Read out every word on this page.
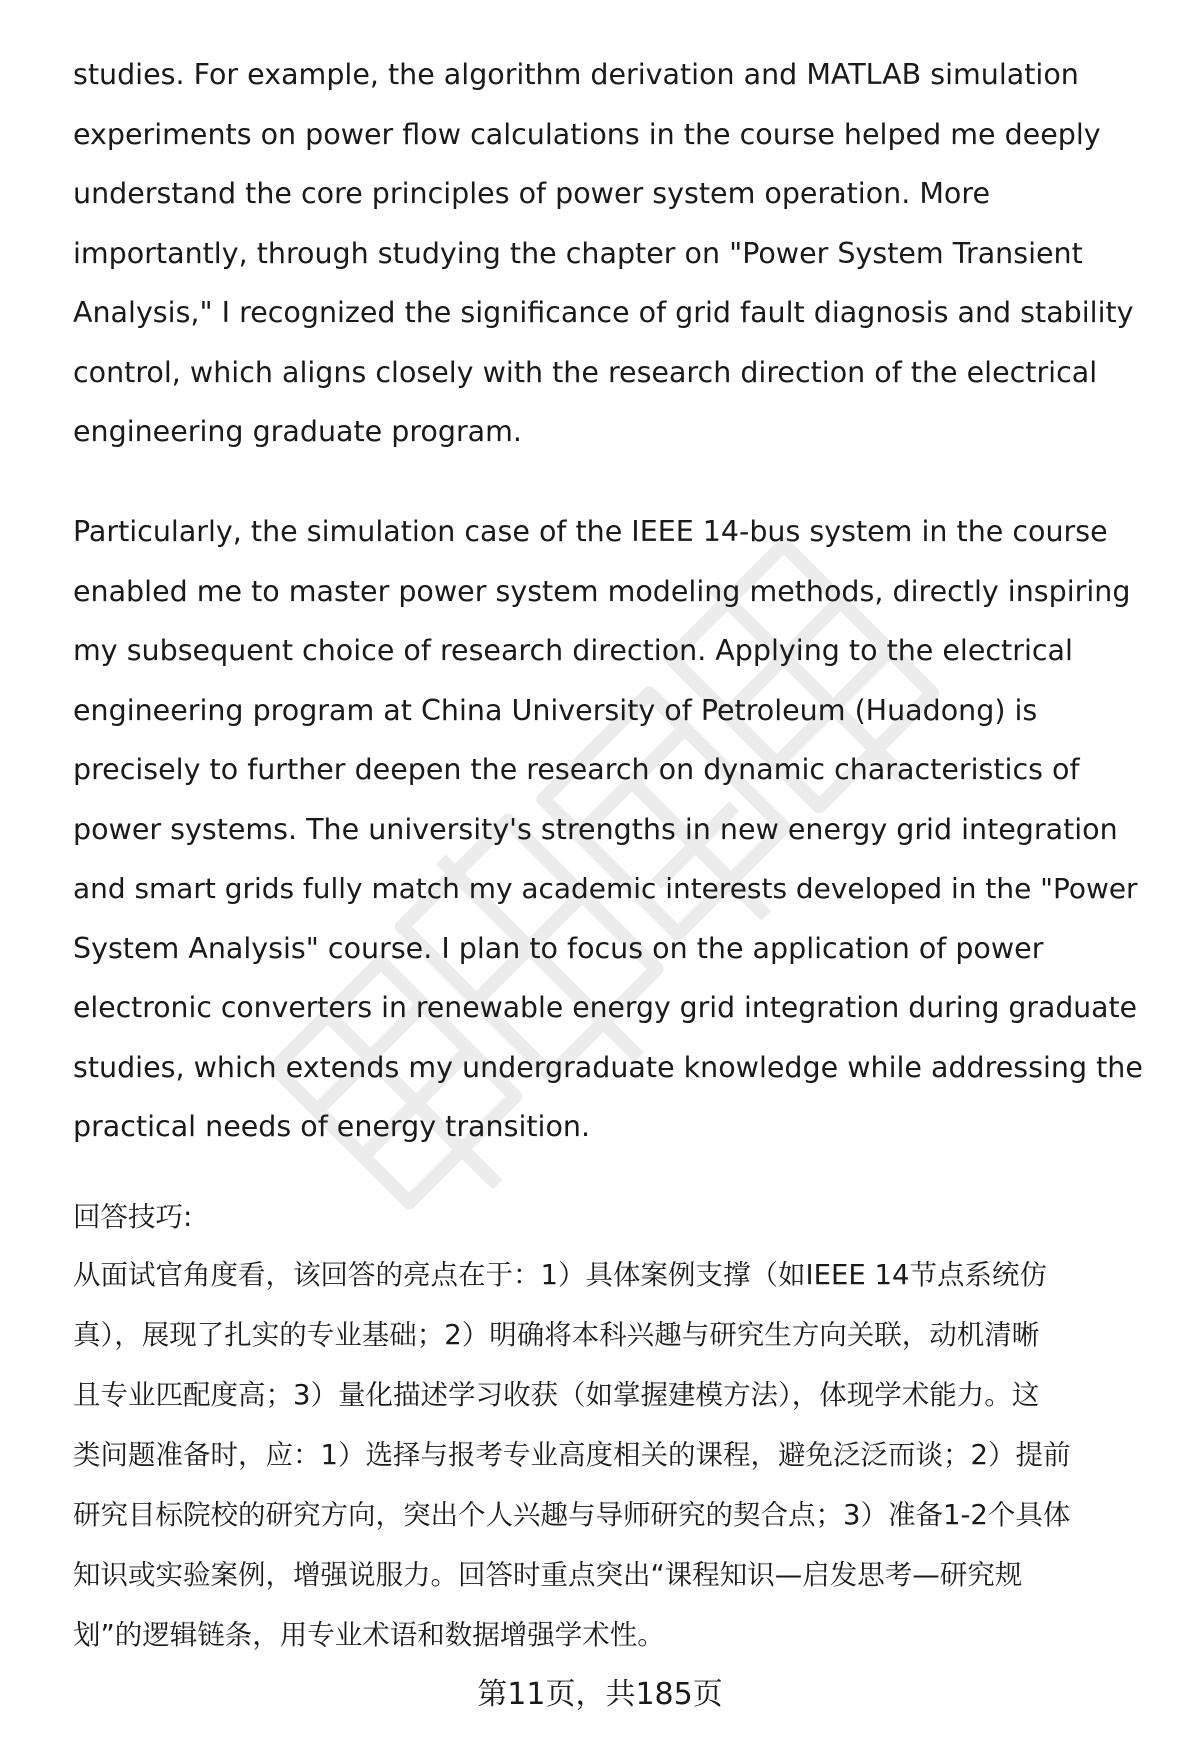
studies. For example, the algorithm derivation and MATLAB simulation
experiments on power flow calculations in the course helped me deeply
understand the core principles of power system operation. More
importantly, through studying the chapter on "Power System Transient
Analysis," I recognized the significance of grid fault diagnosis and stability
control, which aligns closely with the research direction of the electrical
engineering graduate program.
Particularly, the simulation case of the IEEE 14-bus system in the course
enabled me to master power system modeling methods, directly inspiring
my subsequent choice of research direction. Applying to the electrical
engineering program at China University of Petroleum (Huadong) is
precisely to further deepen the research on dynamic characteristics of
power systems. The university's strengths in new energy grid integration
and smart grids fully match my academic interests developed in the "Power
System Analysis" course. I plan to focus on the application of power
electronic converters in renewable energy grid integration during graduate
studies, which extends my undergraduate knowledge while addressing the
practical needs of energy transition.
回答技巧:
从面试官角度看，该回答的亮点在于：1）具体案例支撑（如IEEE 14节点系统仿
真），展现了扎实的专业基础；2）明确将本科兴趣与研究生方向关联，动机清晰
且专业匹配度高；3）量化描述学习收获（如掌握建模方法），体现学术能力。这
类问题准备时，应：1）选择与报考专业高度相关的课程，避免泛泛而谈；2）提前
研究目标院校的研究方向，突出个人兴趣与导师研究的契合点；3）准备1-2个具体
知识或实验案例，增强说服力。回答时重点突出“课程知识—启发思考—研究规
划”的逻辑链条，用专业术语和数据增强学术性。
第11页，共185页
